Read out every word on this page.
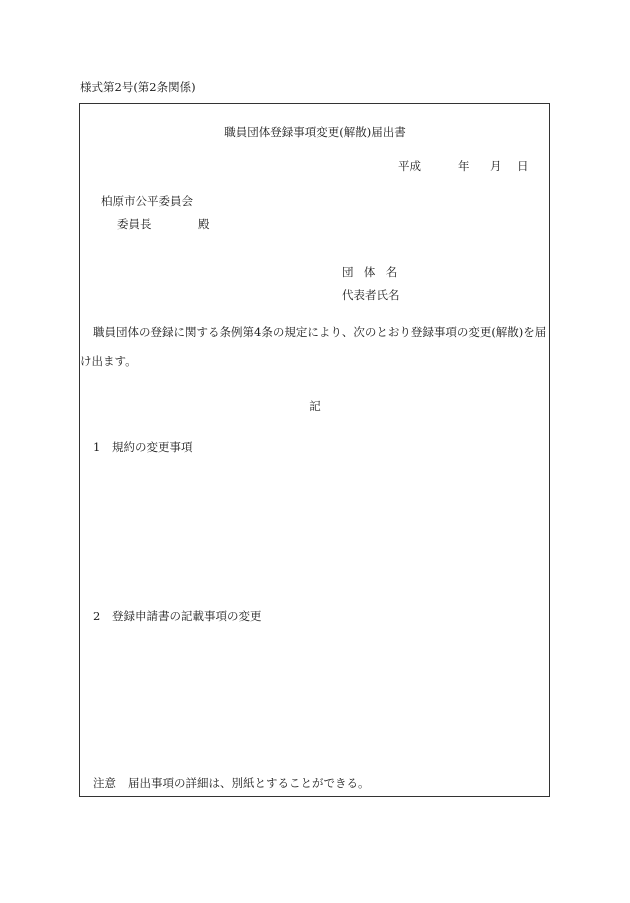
様式第2号(第2条関係)
職員団体登録事項変更(解散)届出書
平成	年 月 日
柏原市公平委員会
委員長	殿
団体名
代表者氏名
職員団体の登録に関する条例第4条の規定により、次のとおり登録事項の変更(解散)を届
け出ます。
記
1 規約の変更事項
2 登録申請書の記載事項の変更
注意 届出事項の詳細は、別紙とすることができる。
